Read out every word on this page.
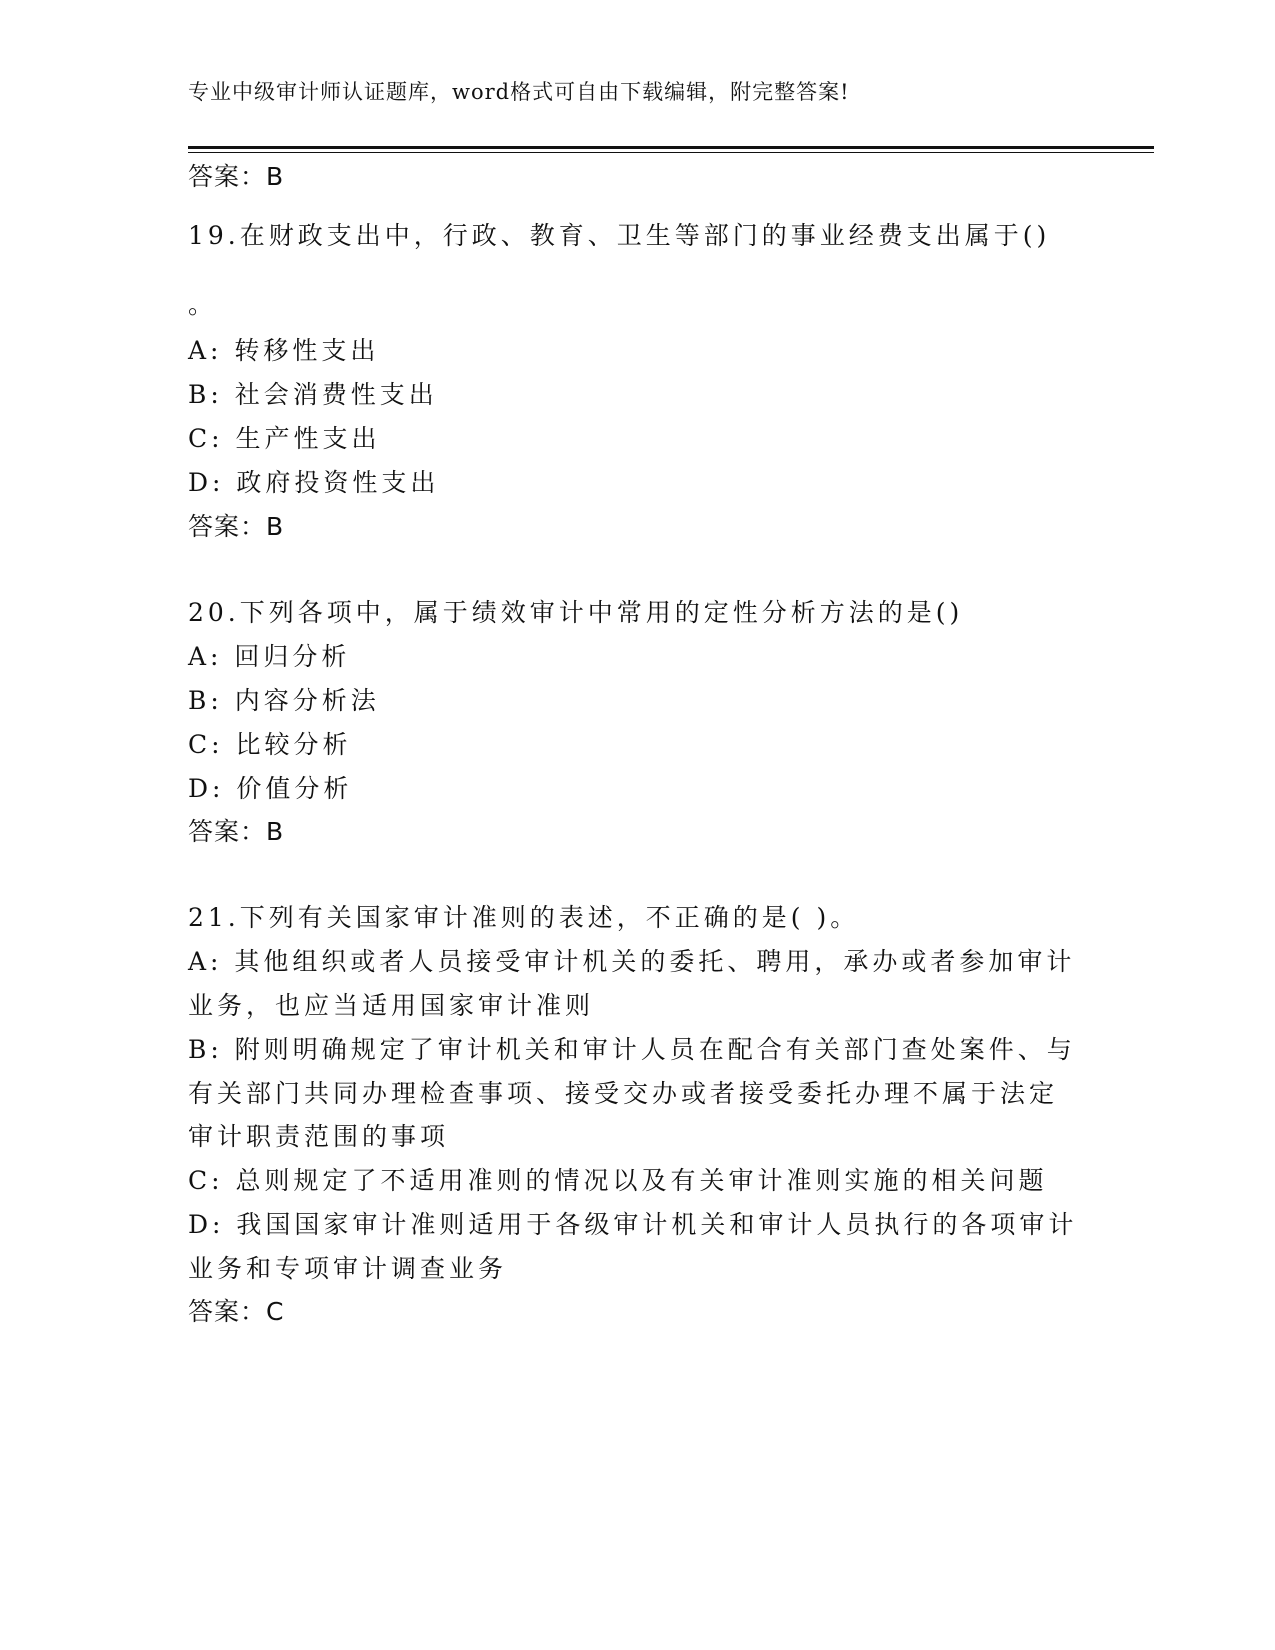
专业中级审计师认证题库，word格式可自由下载编辑，附完整答案!
答案：B
19.在财政支出中，行政、教育、卫生等部门的事业经费支出属于()
。
A: 转移性支出
B: 社会消费性支出
C: 生产性支出
D: 政府投资性支出
答案：B
20.下列各项中，属于绩效审计中常用的定性分析方法的是()
A: 回归分析
B: 内容分析法
C: 比较分析
D: 价值分析
答案：B
21.下列有关国家审计准则的表述，不正确的是( )。
A: 其他组织或者人员接受审计机关的委托、聘用，承办或者参加审计
业务，也应当适用国家审计准则
B: 附则明确规定了审计机关和审计人员在配合有关部门查处案件、与
有关部门共同办理检查事项、接受交办或者接受委托办理不属于法定
审计职责范围的事项
C: 总则规定了不适用准则的情况以及有关审计准则实施的相关问题
D: 我国国家审计准则适用于各级审计机关和审计人员执行的各项审计
业务和专项审计调查业务
答案：C
